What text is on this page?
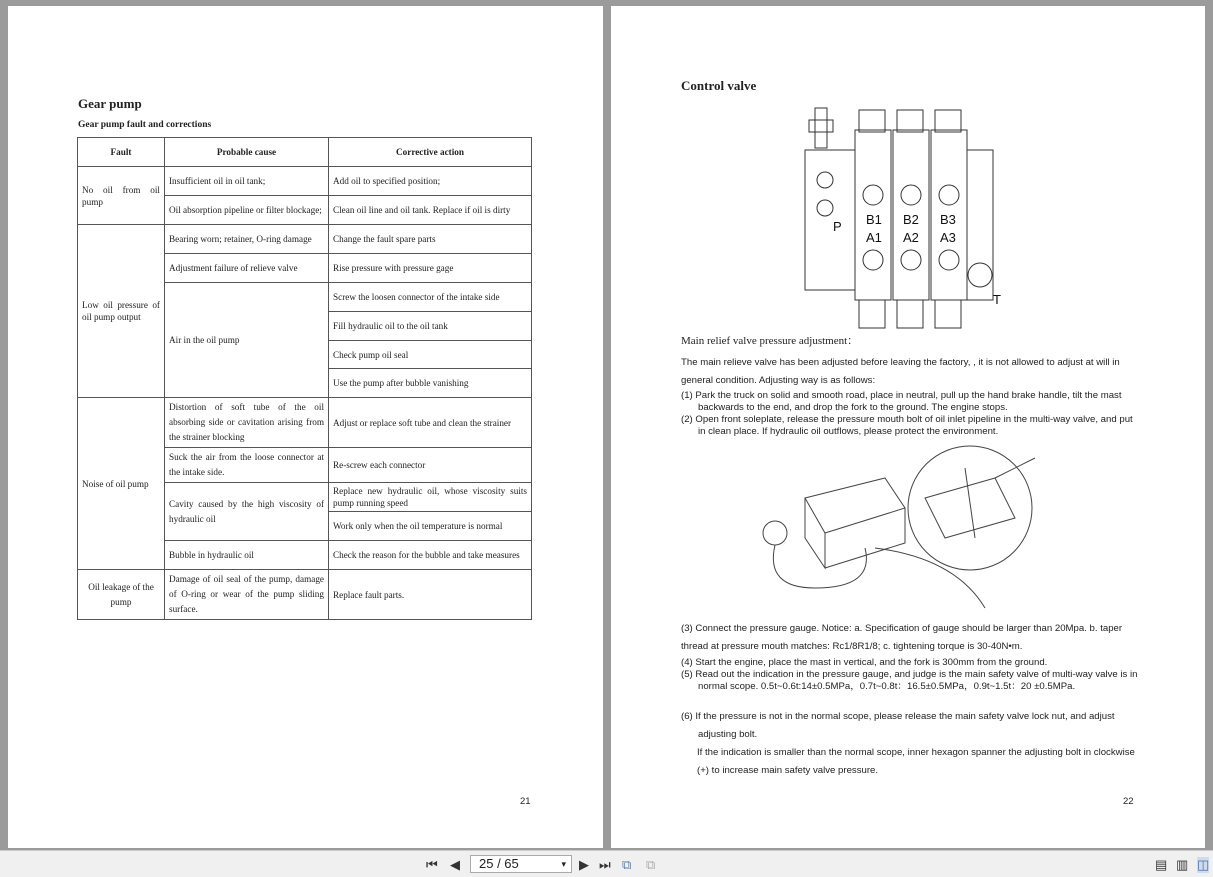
Gear pump
Gear pump fault and corrections
Fault	Probable cause	Corrective action
No oil from oil pump	Insufficient oil in oil tank;	Add oil to specified position;
	Oil absorption pipeline or filter blockage;	Clean oil line and oil tank. Replace if oil is dirty
Low oil pressure of oil pump output	Bearing worn; retainer, O-ring damage	Change the fault spare parts
	Adjustment failure of relieve valve	Rise pressure with pressure gage
	Air in the oil pump	Screw the loosen connector of the intake side
		Fill hydraulic oil to the oil tank
		Check pump oil seal
		Use the pump after bubble vanishing
Noise of oil pump	Distortion of soft tube of the oil absorbing side or cavitation arising from the strainer blocking	Adjust or replace soft tube and clean the strainer
	Suck the air from the loose connector at the intake side.	Re-screw each connector
	Cavity caused by the high viscosity of hydraulic oil	Replace new hydraulic oil, whose viscosity suits pump running speed
		Work only when the oil temperature is normal
	Bubble in hydraulic oil	Check the reason for the bubble and take measures
Oil leakage of the pump	Damage of oil seal of the pump, damage of O-ring or wear of the pump sliding surface.	Replace fault parts.
21
Control valve
P B1 B2 B3
A1 A2 A3
T
Main relief valve pressure adjustment：
The main relieve valve has been adjusted before leaving the factory, , it is not allowed to adjust at will in general condition. Adjusting way is as follows:
(1) Park the truck on solid and smooth road, place in neutral, pull up the hand brake handle, tilt the mast backwards to the end, and drop the fork to the ground. The engine stops.
(2) Open front soleplate, release the pressure mouth bolt of oil inlet pipeline in the multi-way valve, and put in clean place. If hydraulic oil outflows, please protect the environment.
(3) Connect the pressure gauge. Notice: a. Specification of gauge should be larger than 20Mpa. b. taper thread at pressure mouth matches: Rc1/8R1/8; c. tightening torque is 30-40N•m.
(4) Start the engine, place the mast in vertical, and the fork is 300mm from the ground.
(5) Read out the indication in the pressure gauge, and judge is the main safety valve of multi-way valve is in normal scope. 0.5t~0.6t:14±0.5MPa，0.7t~0.8t：16.5±0.5MPa，0.9t~1.5t：20 ±0.5MPa.
(6) If the pressure is not in the normal scope, please release the main safety valve lock nut, and adjust adjusting bolt.
If the indication is smaller than the normal scope, inner hexagon spanner the adjusting bolt in clockwise (+) to increase main safety valve pressure.
22
⏮ ◀	25 / 65	▾ ▶ ⏭ ⧉ ⧉	▤ ▥ ◫
